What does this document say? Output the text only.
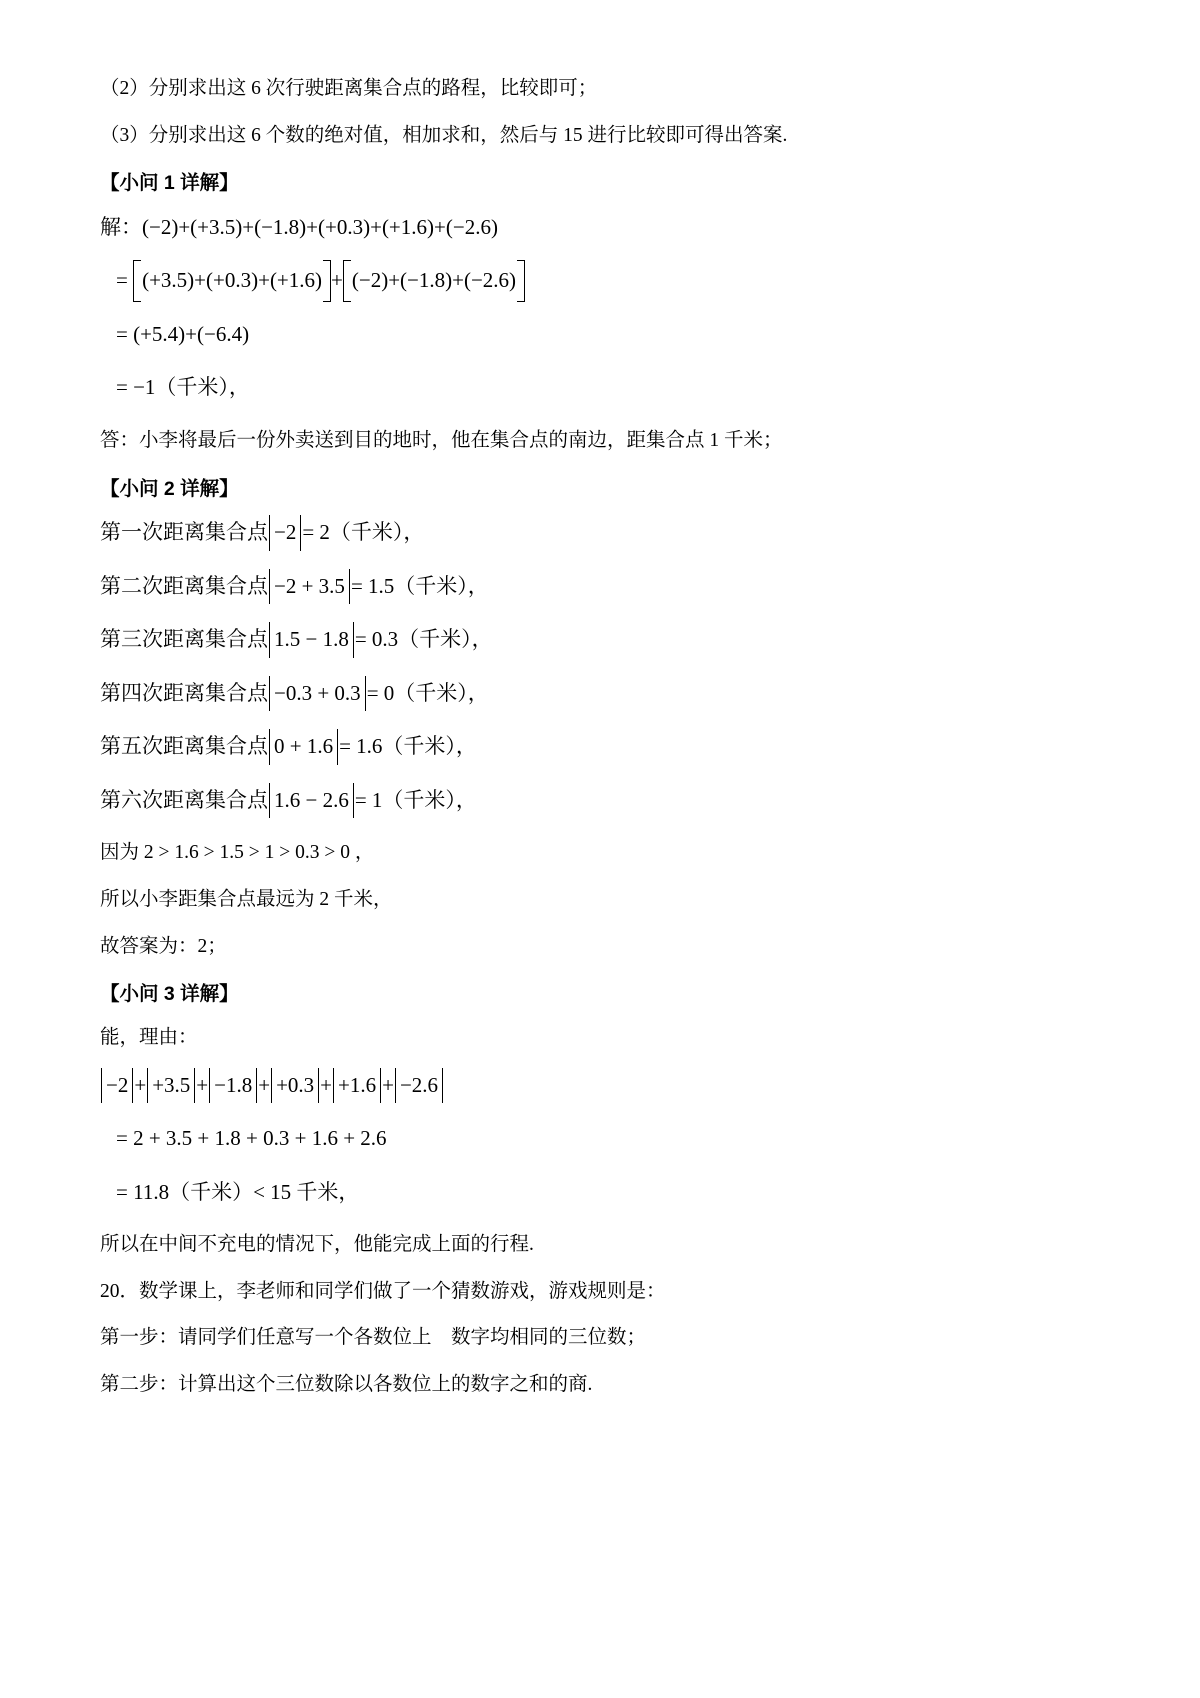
（2）分别求出这 6 次行驶距离集合点的路程，比较即可；

（3）分别求出这 6 个数的绝对值，相加求和，然后与 15 进行比较即可得出答案.

【小问 1 详解】

解：(−2)+(+3.5)+(−1.8)+(+0.3)+(+1.6)+(−2.6)

= (+3.5)+(+0.3)+(+1.6) + (−2)+(−1.8)+(−2.6)

= (+5.4)+(−6.4)

= −1（千米），

答：小李将最后一份外卖送到目的地时，他在集合点的南边，距集合点 1 千米；

【小问 2 详解】

第一次距离集合点 −2 = 2（千米），

第二次距离集合点 −2 + 3.5 = 1.5（千米），

第三次距离集合点 1.5 − 1.8 = 0.3（千米），

第四次距离集合点 −0.3 + 0.3 = 0（千米），

第五次距离集合点 0 + 1.6 = 1.6（千米），

第六次距离集合点 1.6 − 2.6 = 1（千米），

因为 2 > 1.6 > 1.5 > 1 > 0.3 > 0 ，

所以小李距集合点最远为 2 千米，

故答案为：2；

【小问 3 详解】

能，理由：

−2 + +3.5 + −1.8 + +0.3 + +1.6 + −2.6

= 2 + 3.5 + 1.8 + 0.3 + 1.6 + 2.6

= 11.8（千米）< 15 千米，

所以在中间不充电的情况下，他能完成上面的行程.

20．数学课上，李老师和同学们做了一个猜数游戏，游戏规则是：

第一步：请同学们任意写一个各数位上　数字均相同的三位数；

第二步：计算出这个三位数除以各数位上的数字之和的商.
